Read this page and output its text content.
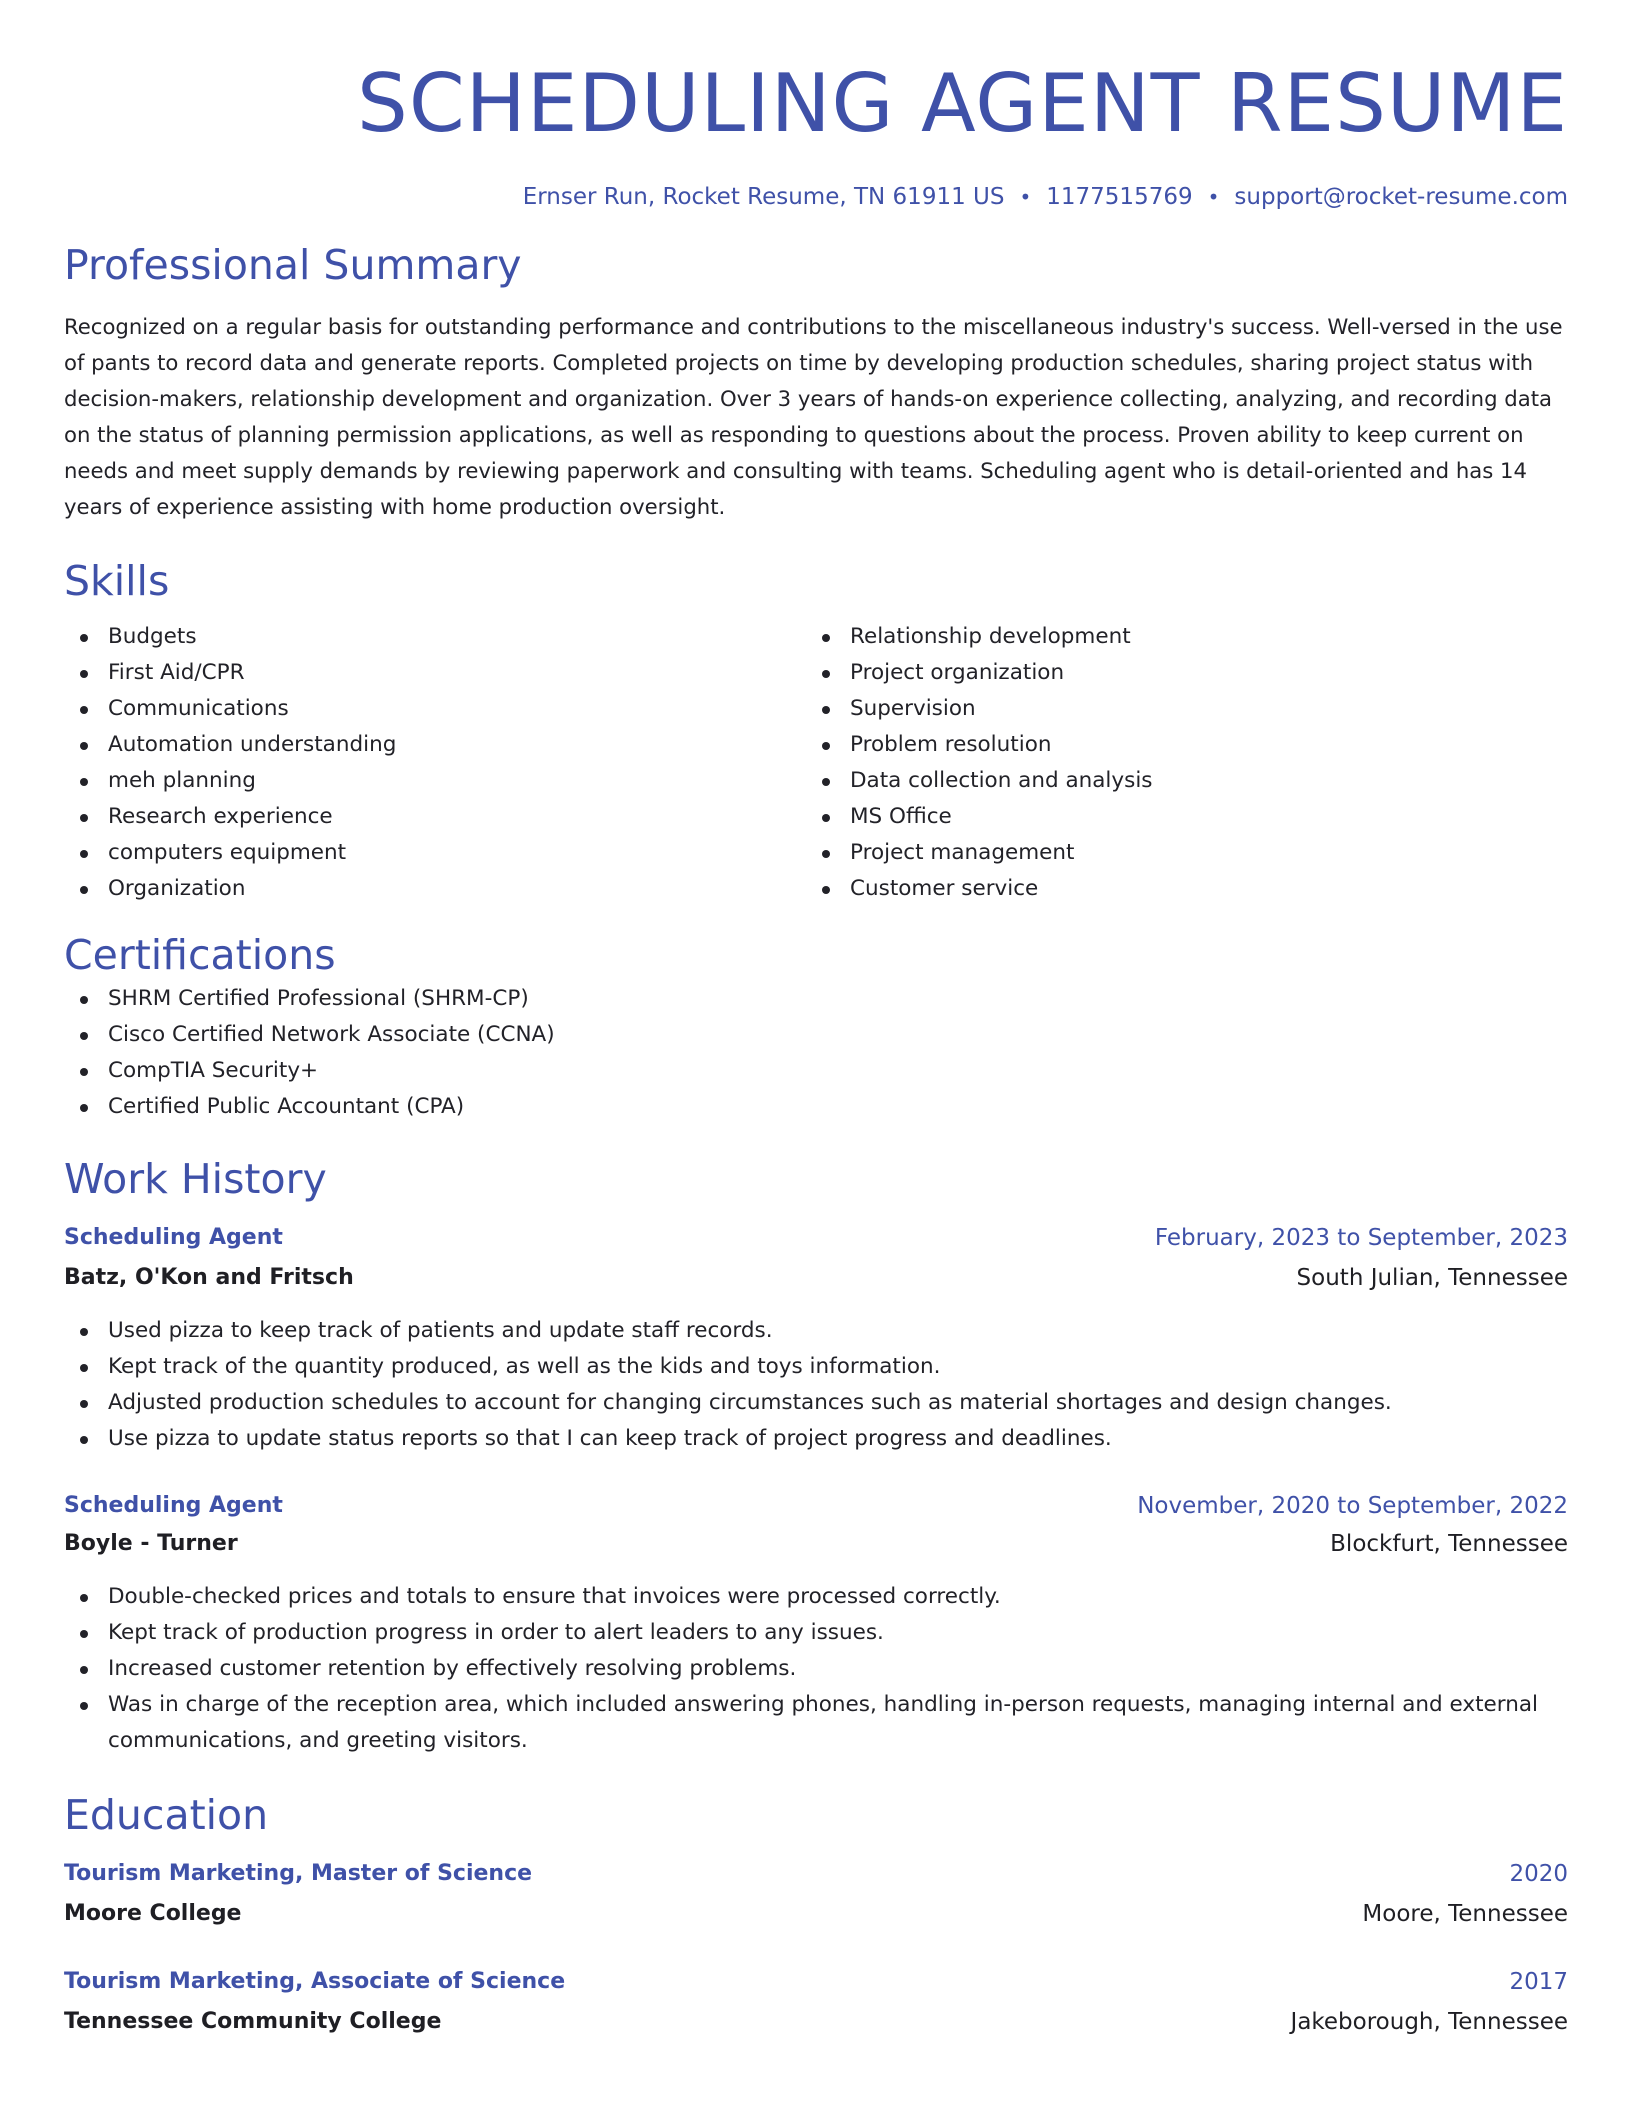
SCHEDULING AGENT RESUME
Ernser Run, Rocket Resume, TN 61911 US • 1177515769 • support@rocket-resume.com
Professional Summary

Recognized on a regular basis for outstanding performance and contributions to the miscellaneous industry's success. Well-versed in the use of pants to record data and generate reports. Completed projects on time by developing production schedules, sharing project status with decision-makers, relationship development and organization. Over 3 years of hands-on experience collecting, analyzing, and recording data on the status of planning permission applications, as well as responding to questions about the process. Proven ability to keep current on needs and meet supply demands by reviewing paperwork and consulting with teams. Scheduling agent who is detail-oriented and has 14 years of experience assisting with home production oversight.

Skills
Budgets
First Aid/CPR
Communications
Automation understanding
meh planning
Research experience
computers equipment
Organization
Relationship development
Project organization
Supervision
Problem resolution
Data collection and analysis
MS Office
Project management
Customer service
Certifications
SHRM Certified Professional (SHRM-CP)
Cisco Certified Network Associate (CCNA)
CompTIA Security+
Certified Public Accountant (CPA)
Work History
Scheduling Agent	February, 2023 to September, 2023
Batz, O'Kon and Fritsch	South Julian, Tennessee
Used pizza to keep track of patients and update staff records.
Kept track of the quantity produced, as well as the kids and toys information.
Adjusted production schedules to account for changing circumstances such as material shortages and design changes.
Use pizza to update status reports so that I can keep track of project progress and deadlines.
Scheduling Agent	November, 2020 to September, 2022
Boyle - Turner	Blockfurt, Tennessee
Double-checked prices and totals to ensure that invoices were processed correctly.
Kept track of production progress in order to alert leaders to any issues.
Increased customer retention by effectively resolving problems.
Was in charge of the reception area, which included answering phones, handling in-person requests, managing internal and external communications, and greeting visitors.
Education
Tourism Marketing, Master of Science	2020
Moore College	Moore, Tennessee
Tourism Marketing, Associate of Science	2017
Tennessee Community College	Jakeborough, Tennessee
